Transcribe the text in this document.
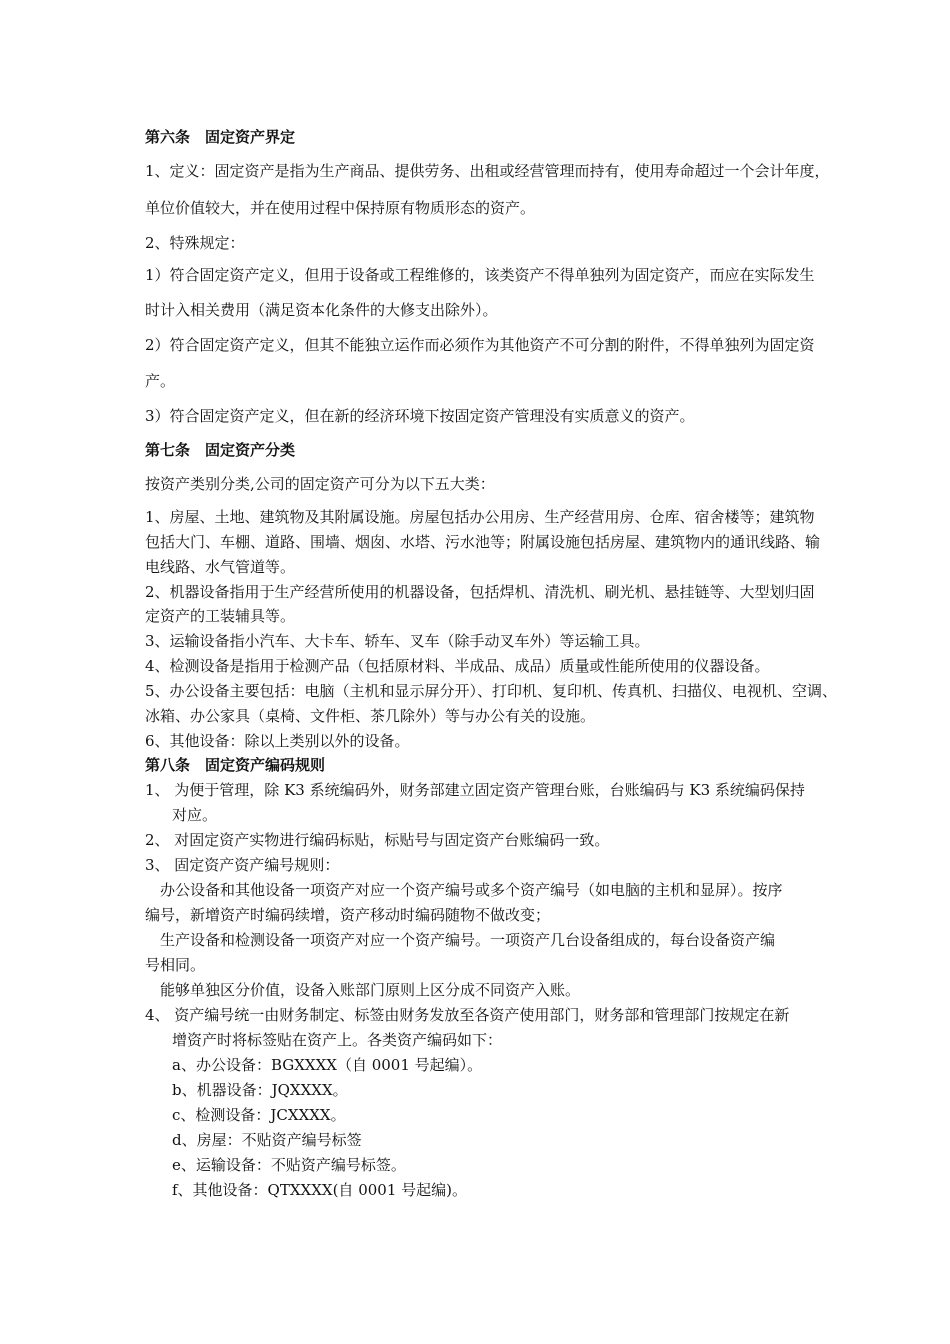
第六条　固定资产界定
1、定义：固定资产是指为生产商品、提供劳务、出租或经营管理而持有，使用寿命超过一个会计年度，
单位价值较大，并在使用过程中保持原有物质形态的资产。
2、特殊规定：
1）符合固定资产定义，但用于设备或工程维修的，该类资产不得单独列为固定资产，而应在实际发生
时计入相关费用（满足资本化条件的大修支出除外）。
2）符合固定资产定义，但其不能独立运作而必须作为其他资产不可分割的附件，不得单独列为固定资
产。
3）符合固定资产定义，但在新的经济环境下按固定资产管理没有实质意义的资产。
第七条　固定资产分类
按资产类别分类,公司的固定资产可分为以下五大类：
1、房屋、土地、建筑物及其附属设施。房屋包括办公用房、生产经营用房、仓库、宿舍楼等；建筑物
包括大门、车棚、道路、围墙、烟囱、水塔、污水池等；附属设施包括房屋、建筑物内的通讯线路、输
电线路、水气管道等。
2、机器设备指用于生产经营所使用的机器设备，包括焊机、清洗机、刷光机、悬挂链等、大型划归固
定资产的工装辅具等。
3、运输设备指小汽车、大卡车、轿车、叉车（除手动叉车外）等运输工具。
4、检测设备是指用于检测产品（包括原材料、半成品、成品）质量或性能所使用的仪器设备。
5、办公设备主要包括：电脑（主机和显示屏分开）、打印机、复印机、传真机、扫描仪、电视机、空调、
冰箱、办公家具（桌椅、文件柜、茶几除外）等与办公有关的设施。
6、其他设备：除以上类别以外的设备。
第八条　固定资产编码规则
1、 为便于管理，除 K3 系统编码外，财务部建立固定资产管理台账，台账编码与 K3 系统编码保持
对应。
2、 对固定资产实物进行编码标贴，标贴号与固定资产台账编码一致。
3、 固定资产资产编号规则：
办公设备和其他设备一项资产对应一个资产编号或多个资产编号（如电脑的主机和显屏）。按序
编号，新增资产时编码续增，资产移动时编码随物不做改变；
生产设备和检测设备一项资产对应一个资产编号。一项资产几台设备组成的，每台设备资产编
号相同。
能够单独区分价值，设备入账部门原则上区分成不同资产入账。
4、 资产编号统一由财务制定、标签由财务发放至各资产使用部门，财务部和管理部门按规定在新
增资产时将标签贴在资产上。各类资产编码如下：
a、办公设备：BGXXXX（自 0001 号起编）。
b、机器设备：JQXXXX。
c、检测设备：JCXXXX。
d、房屋：不贴资产编号标签
e、运输设备：不贴资产编号标签。
f、其他设备：QTXXXX(自 0001 号起编)。
